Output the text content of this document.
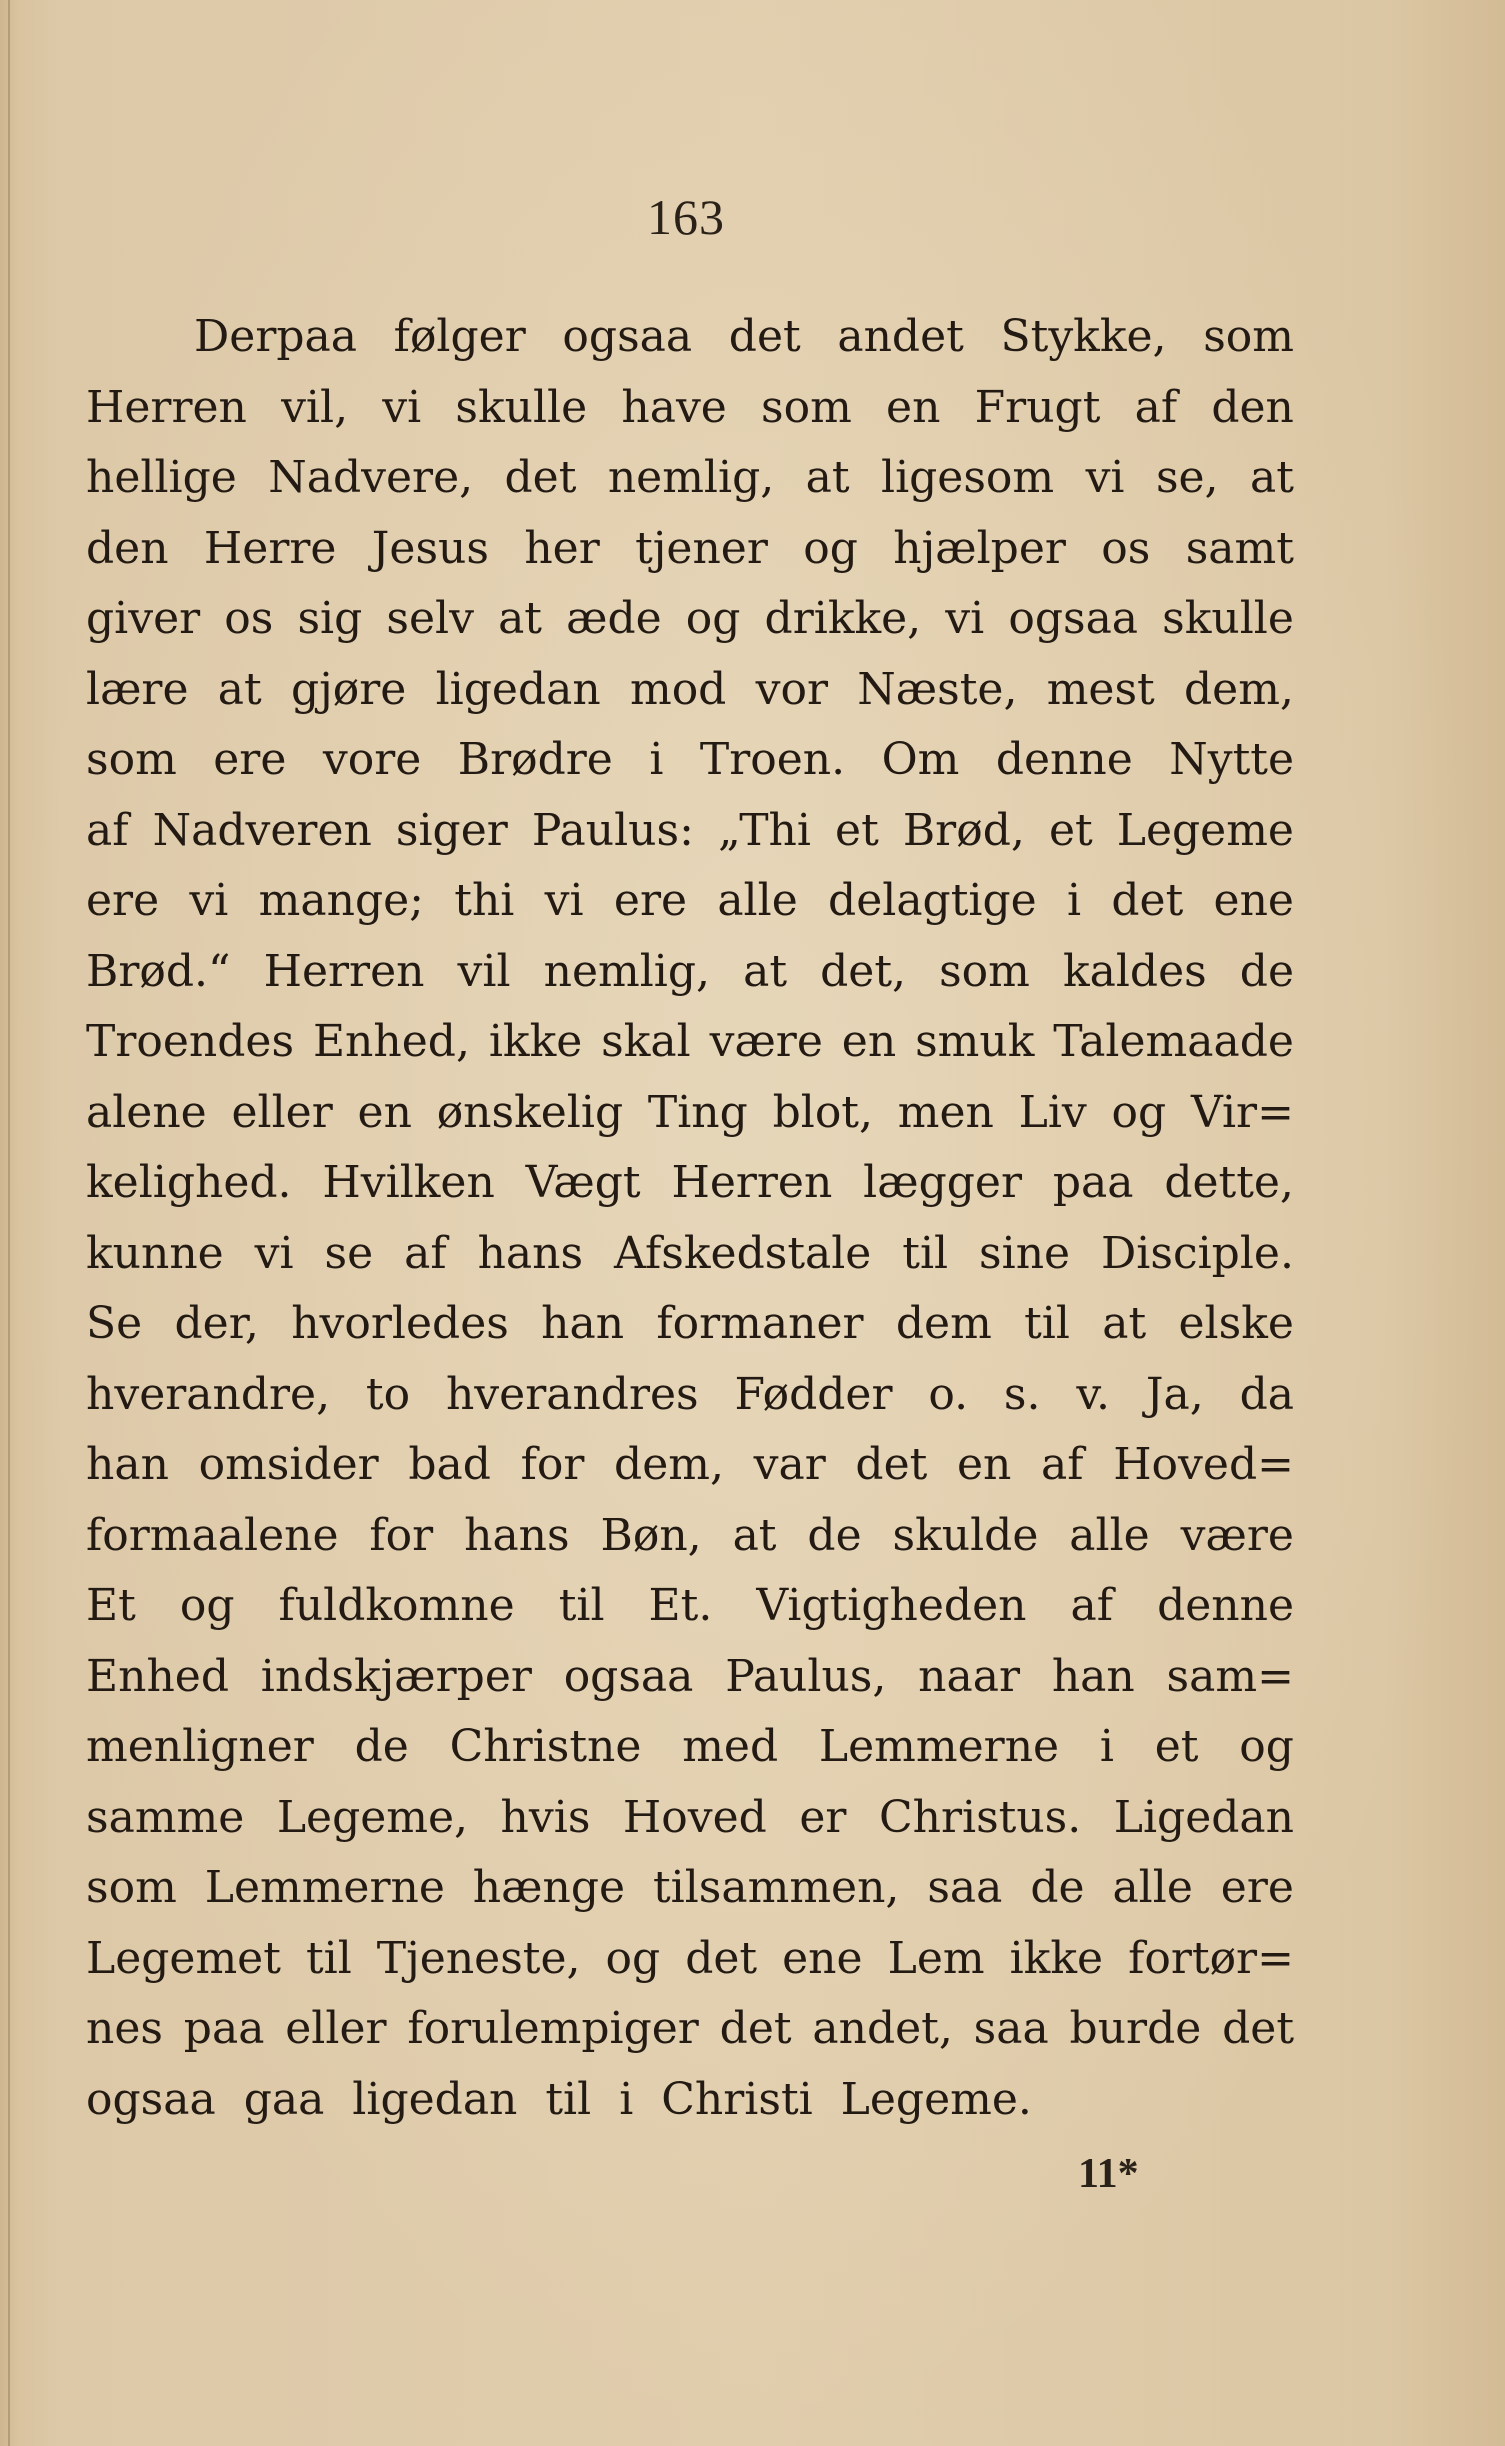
163
Derpaa følger ogsaa det andet Stykke, som
Herren vil, vi skulle have som en Frugt af den
hellige Nadvere, det nemlig, at ligesom vi se, at
den Herre Jesus her tjener og hjælper os samt
giver os sig selv at æde og drikke, vi ogsaa skulle
lære at gjøre ligedan mod vor Næste, mest dem,
som ere vore Brødre i Troen. Om denne Nytte
af Nadveren siger Paulus: „Thi et Brød, et Legeme
ere vi mange; thi vi ere alle delagtige i det ene
Brød.“ Herren vil nemlig, at det, som kaldes de
Troendes Enhed, ikke skal være en smuk Talemaade
alene eller en ønskelig Ting blot, men Liv og Vir=
kelighed. Hvilken Vægt Herren lægger paa dette,
kunne vi se af hans Afskedstale til sine Disciple.
Se der, hvorledes han formaner dem til at elske
hverandre, to hverandres Fødder o. s. v. Ja, da
han omsider bad for dem, var det en af Hoved=
formaalene for hans Bøn, at de skulde alle være
Et og fuldkomne til Et. Vigtigheden af denne
Enhed indskjærper ogsaa Paulus, naar han sam=
menligner de Christne med Lemmerne i et og
samme Legeme, hvis Hoved er Christus. Ligedan
som Lemmerne hænge tilsammen, saa de alle ere
Legemet til Tjeneste, og det ene Lem ikke fortør=
nes paa eller forulempiger det andet, saa burde det
ogsaa gaa ligedan til i Christi Legeme.
11*
